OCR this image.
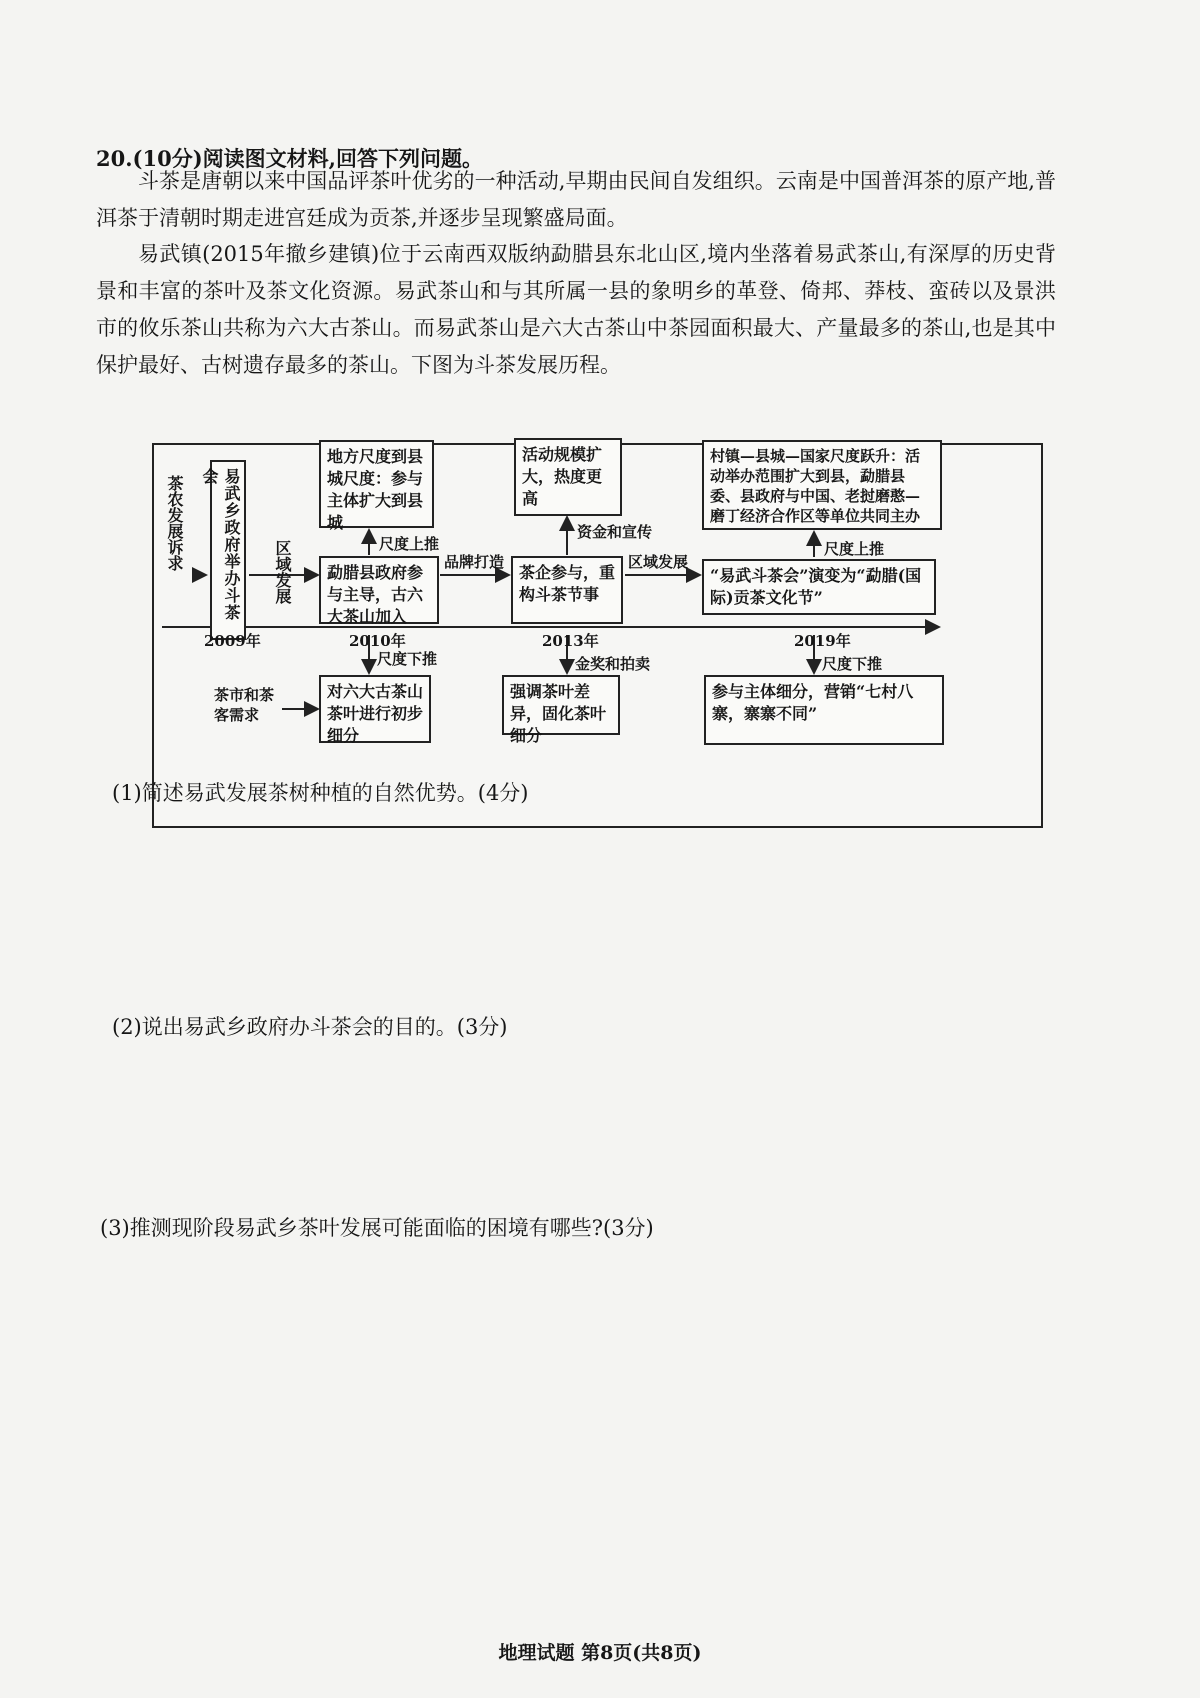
20.(10分)阅读图文材料,回答下列问题。
斗茶是唐朝以来中国品评茶叶优劣的一种活动,早期由民间自发组织。云南是中国普洱茶的原产地,普洱茶于清朝时期走进宫廷成为贡茶,并逐步呈现繁盛局面。
易武镇(2015年撤乡建镇)位于云南西双版纳勐腊县东北山区,境内坐落着易武茶山,有深厚的历史背景和丰富的茶叶及茶文化资源。易武茶山和与其所属一县的象明乡的革登、倚邦、莽枝、蛮砖以及景洪市的攸乐茶山共称为六大古茶山。而易武茶山是六大古茶山中茶园面积最大、产量最多的茶山,也是其中保护最好、古树遗存最多的茶山。下图为斗茶发展历程。
茶农发展诉求	易武乡政府举办斗茶会
区域发展
地方尺度到县城尺度：参与主体扩大到县城
尺度上推
勐腊县政府参与主导，古六大茶山加入
品牌打造
活动规模扩大，热度更高
资金和宣传
茶企参与，重构斗茶节事
区域发展
村镇—县城—国家尺度跃升：活动举办范围扩大到县，勐腊县委、县政府与中国、老挝磨憨—磨丁经济合作区等单位共同主办
尺度上推
“易武斗茶会”演变为“勐腊(国际)贡茶文化节”
2009年	2010年	2013年	2019年
尺度下推	金奖和拍卖	尺度下推
茶市和茶客需求
对六大古茶山茶叶进行初步细分
强调茶叶差异，固化茶叶细分
参与主体细分，营销“七村八寨，寨寨不同”
(1)简述易武发展茶树种植的自然优势。(4分)
(2)说出易武乡政府办斗茶会的目的。(3分)
(3)推测现阶段易武乡茶叶发展可能面临的困境有哪些?(3分)
地理试题 第8页(共8页)
